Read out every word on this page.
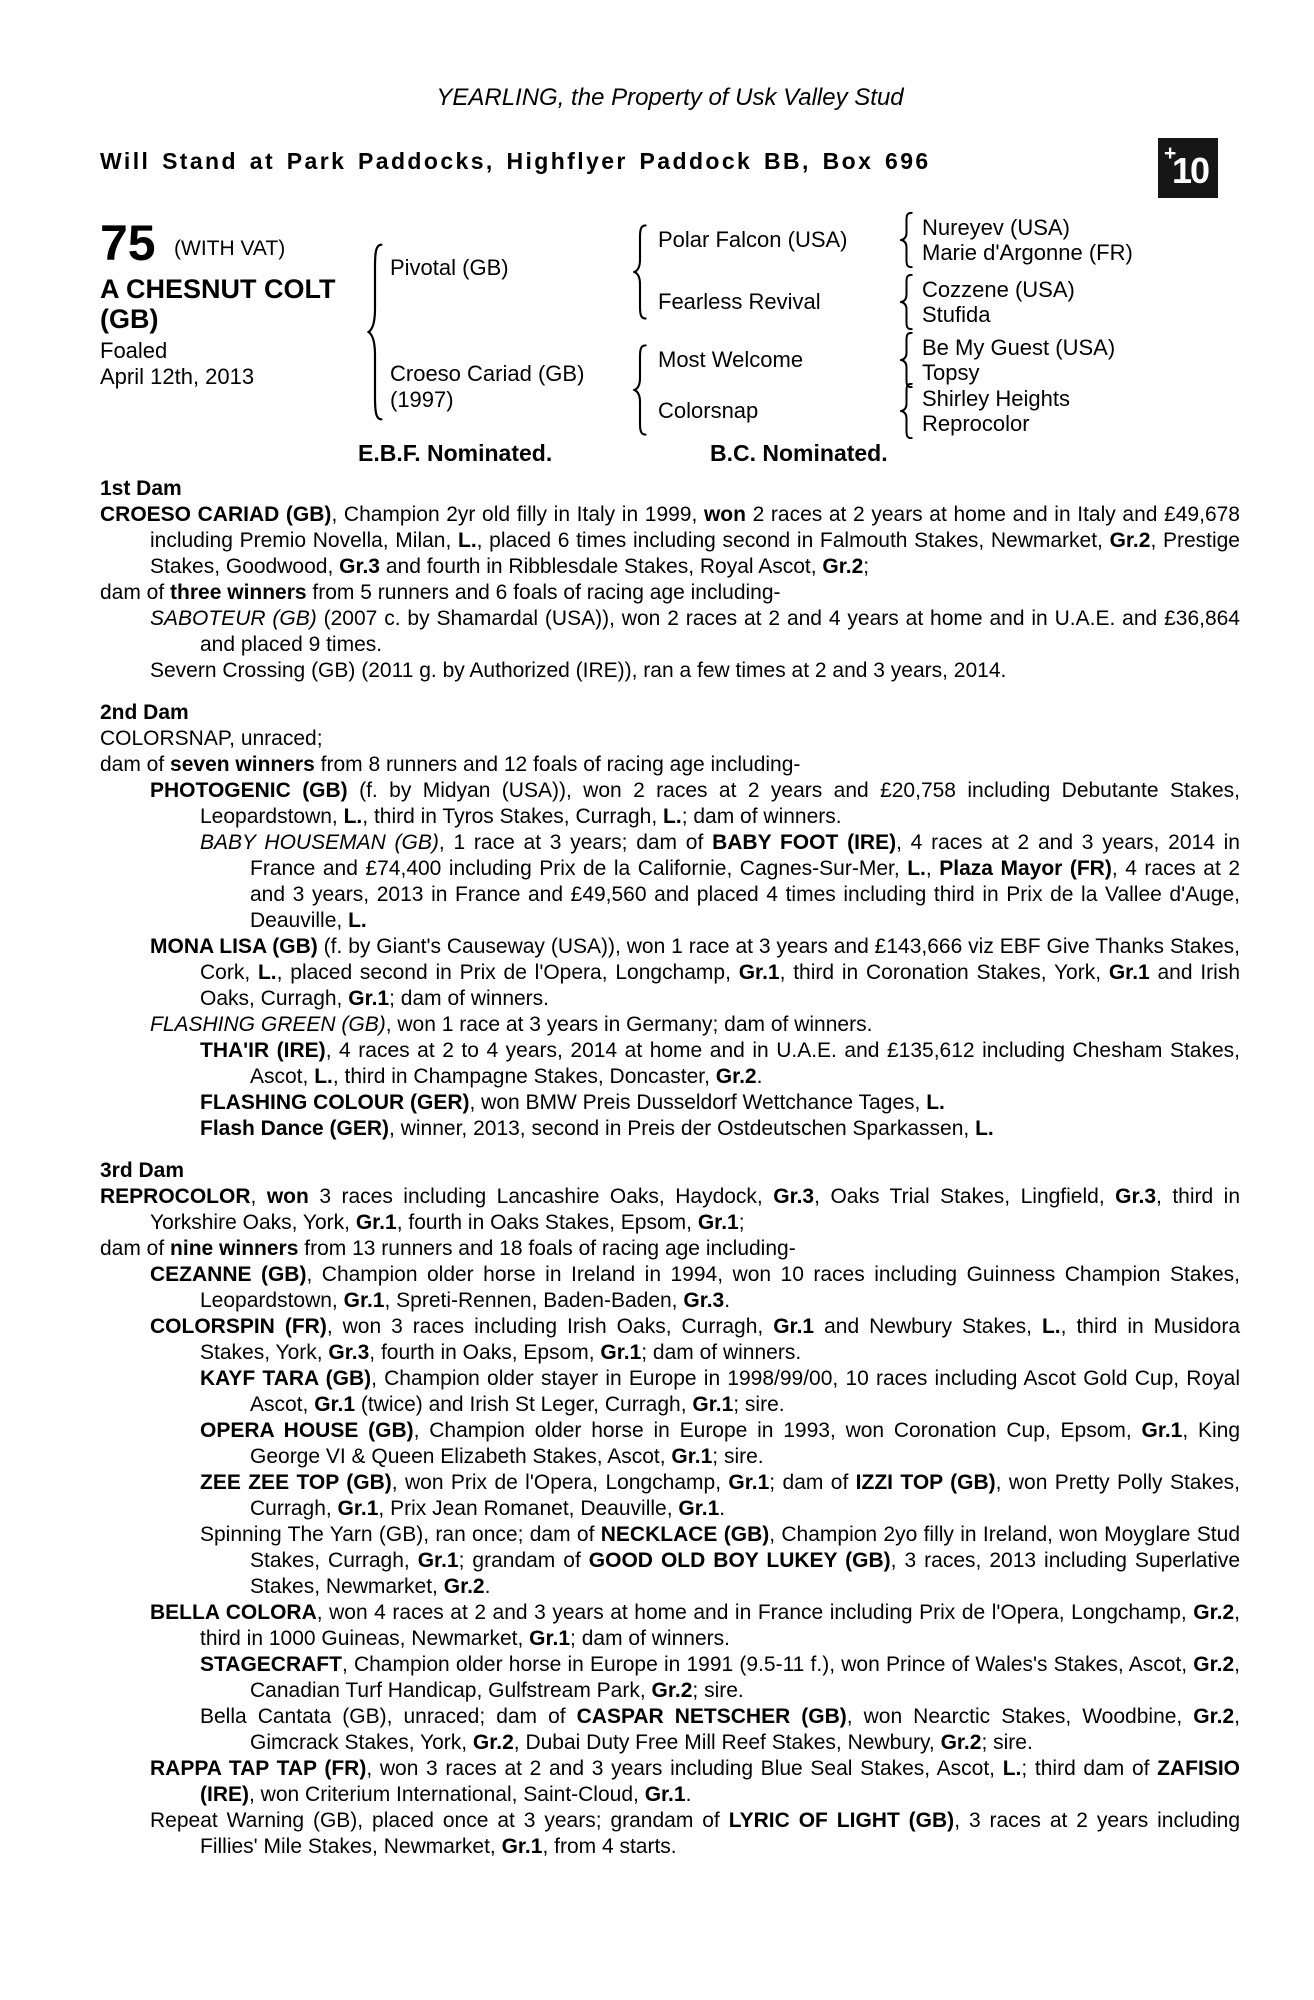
YEARLING, the Property of Usk Valley Stud
Will Stand at Park Paddocks, Highflyer Paddock BB, Box 696	+
10
75 (WITH VAT)
A CHESNUT COLT
(GB)
Foaled
April 12th, 2013
Pivotal (GB)
Croeso Cariad (GB)
(1997)
Polar Falcon (USA)
Fearless Revival
Most Welcome
Colorsnap
Nureyev (USA)
Marie d'Argonne (FR)
Cozzene (USA)
Stufida
Be My Guest (USA)
Topsy
Shirley Heights
Reprocolor
E.B.F. Nominated.	B.C. Nominated.
1st Dam
CROESO CARIAD (GB), Champion 2yr old filly in Italy in 1999, won 2 races at 2 years at home and in Italy and £49,678 including Premio Novella, Milan, L., placed 6 times including second in Falmouth Stakes, Newmarket, Gr.2, Prestige Stakes, Goodwood, Gr.3 and fourth in Ribblesdale Stakes, Royal Ascot, Gr.2;
dam of three winners from 5 runners and 6 foals of racing age including-
SABOTEUR (GB) (2007 c. by Shamardal (USA)), won 2 races at 2 and 4 years at home and in U.A.E. and £36,864 and placed 9 times.
Severn Crossing (GB) (2011 g. by Authorized (IRE)), ran a few times at 2 and 3 years, 2014.
2nd Dam
COLORSNAP, unraced;
dam of seven winners from 8 runners and 12 foals of racing age including-
PHOTOGENIC (GB) (f. by Midyan (USA)), won 2 races at 2 years and £20,758 including Debutante Stakes, Leopardstown, L., third in Tyros Stakes, Curragh, L.; dam of winners.
BABY HOUSEMAN (GB), 1 race at 3 years; dam of BABY FOOT (IRE), 4 races at 2 and 3 years, 2014 in France and £74,400 including Prix de la Californie, Cagnes-Sur-Mer, L., Plaza Mayor (FR), 4 races at 2 and 3 years, 2013 in France and £49,560 and placed 4 times including third in Prix de la Vallee d'Auge, Deauville, L.
MONA LISA (GB) (f. by Giant's Causeway (USA)), won 1 race at 3 years and £143,666 viz EBF Give Thanks Stakes, Cork, L., placed second in Prix de l'Opera, Longchamp, Gr.1, third in Coronation Stakes, York, Gr.1 and Irish Oaks, Curragh, Gr.1; dam of winners.
FLASHING GREEN (GB), won 1 race at 3 years in Germany; dam of winners.
THA'IR (IRE), 4 races at 2 to 4 years, 2014 at home and in U.A.E. and £135,612 including Chesham Stakes, Ascot, L., third in Champagne Stakes, Doncaster, Gr.2.
FLASHING COLOUR (GER), won BMW Preis Dusseldorf Wettchance Tages, L.
Flash Dance (GER), winner, 2013, second in Preis der Ostdeutschen Sparkassen, L.
3rd Dam
REPROCOLOR, won 3 races including Lancashire Oaks, Haydock, Gr.3, Oaks Trial Stakes, Lingfield, Gr.3, third in Yorkshire Oaks, York, Gr.1, fourth in Oaks Stakes, Epsom, Gr.1;
dam of nine winners from 13 runners and 18 foals of racing age including-
CEZANNE (GB), Champion older horse in Ireland in 1994, won 10 races including Guinness Champion Stakes, Leopardstown, Gr.1, Spreti-Rennen, Baden-Baden, Gr.3.
COLORSPIN (FR), won 3 races including Irish Oaks, Curragh, Gr.1 and Newbury Stakes, L., third in Musidora Stakes, York, Gr.3, fourth in Oaks, Epsom, Gr.1; dam of winners.
KAYF TARA (GB), Champion older stayer in Europe in 1998/99/00, 10 races including Ascot Gold Cup, Royal Ascot, Gr.1 (twice) and Irish St Leger, Curragh, Gr.1; sire.
OPERA HOUSE (GB), Champion older horse in Europe in 1993, won Coronation Cup, Epsom, Gr.1, King George VI & Queen Elizabeth Stakes, Ascot, Gr.1; sire.
ZEE ZEE TOP (GB), won Prix de l'Opera, Longchamp, Gr.1; dam of IZZI TOP (GB), won Pretty Polly Stakes, Curragh, Gr.1, Prix Jean Romanet, Deauville, Gr.1.
Spinning The Yarn (GB), ran once; dam of NECKLACE (GB), Champion 2yo filly in Ireland, won Moyglare Stud Stakes, Curragh, Gr.1; grandam of GOOD OLD BOY LUKEY (GB), 3 races, 2013 including Superlative Stakes, Newmarket, Gr.2.
BELLA COLORA, won 4 races at 2 and 3 years at home and in France including Prix de l'Opera, Longchamp, Gr.2, third in 1000 Guineas, Newmarket, Gr.1; dam of winners.
STAGECRAFT, Champion older horse in Europe in 1991 (9.5-11 f.), won Prince of Wales's Stakes, Ascot, Gr.2, Canadian Turf Handicap, Gulfstream Park, Gr.2; sire.
Bella Cantata (GB), unraced; dam of CASPAR NETSCHER (GB), won Nearctic Stakes, Woodbine, Gr.2, Gimcrack Stakes, York, Gr.2, Dubai Duty Free Mill Reef Stakes, Newbury, Gr.2; sire.
RAPPA TAP TAP (FR), won 3 races at 2 and 3 years including Blue Seal Stakes, Ascot, L.; third dam of ZAFISIO (IRE), won Criterium International, Saint-Cloud, Gr.1.
Repeat Warning (GB), placed once at 3 years; grandam of LYRIC OF LIGHT (GB), 3 races at 2 years including Fillies' Mile Stakes, Newmarket, Gr.1, from 4 starts.
